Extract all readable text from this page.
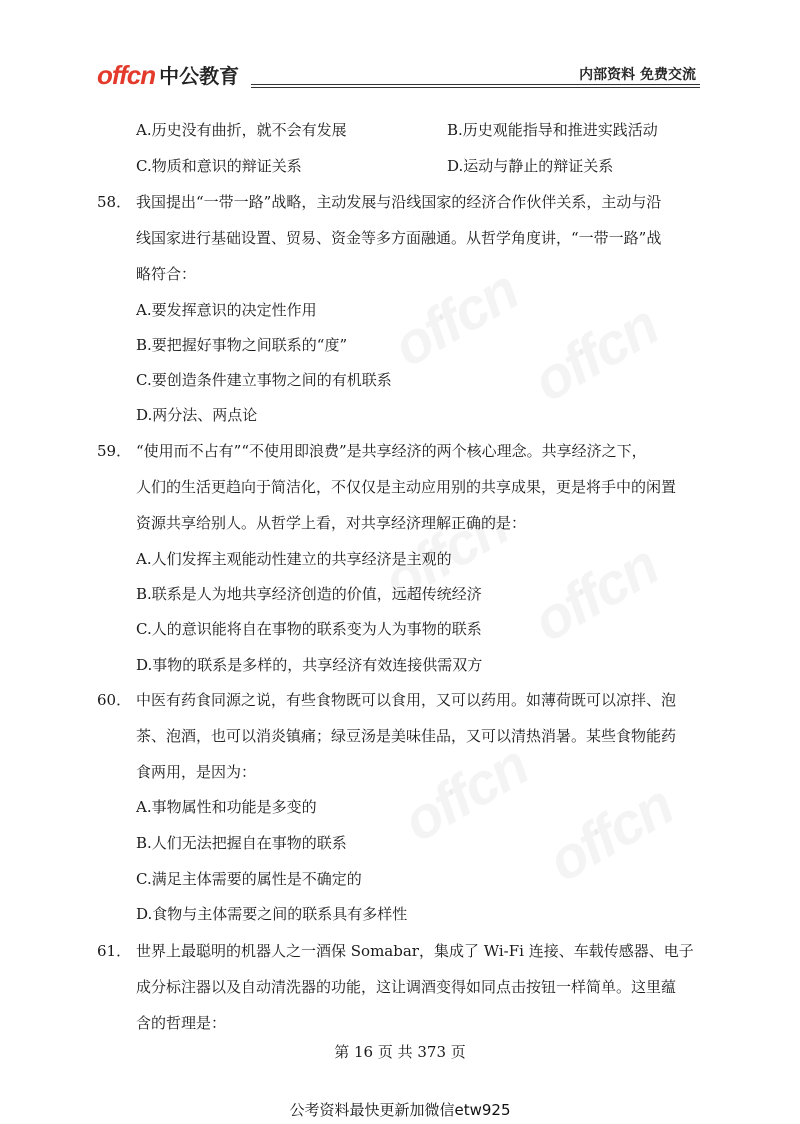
offcn 中公教育	内部资料 免费交流
A.历史没有曲折，就不会有发展	B.历史观能指导和推进实践活动
C.物质和意识的辩证关系	D.运动与静止的辩证关系
58． 我国提出“一带一路”战略，主动发展与沿线国家的经济合作伙伴关系，主动与沿
线国家进行基础设置、贸易、资金等多方面融通。从哲学角度讲，“一带一路”战
略符合：
A.要发挥意识的决定性作用
B.要把握好事物之间联系的“度”
C.要创造条件建立事物之间的有机联系
D.两分法、两点论
59． “使用而不占有”“不使用即浪费”是共享经济的两个核心理念。共享经济之下，
人们的生活更趋向于简洁化，不仅仅是主动应用别的共享成果，更是将手中的闲置
资源共享给别人。从哲学上看，对共享经济理解正确的是：
A.人们发挥主观能动性建立的共享经济是主观的
B.联系是人为地共享经济创造的价值，远超传统经济
C.人的意识能将自在事物的联系变为人为事物的联系
D.事物的联系是多样的，共享经济有效连接供需双方
60． 中医有药食同源之说，有些食物既可以食用，又可以药用。如薄荷既可以凉拌、泡
茶、泡酒，也可以消炎镇痛；绿豆汤是美味佳品，又可以清热消暑。某些食物能药
食两用，是因为：
A.事物属性和功能是多变的
B.人们无法把握自在事物的联系
C.满足主体需要的属性是不确定的
D.食物与主体需要之间的联系具有多样性
61． 世界上最聪明的机器人之一酒保 Somabar，集成了 Wi-Fi 连接、车载传感器、电子
成分标注器以及自动清洗器的功能，这让调酒变得如同点击按钮一样简单。这里蕴
含的哲理是：
第 16 页 共 373 页
公考资料最快更新加微信etw925
